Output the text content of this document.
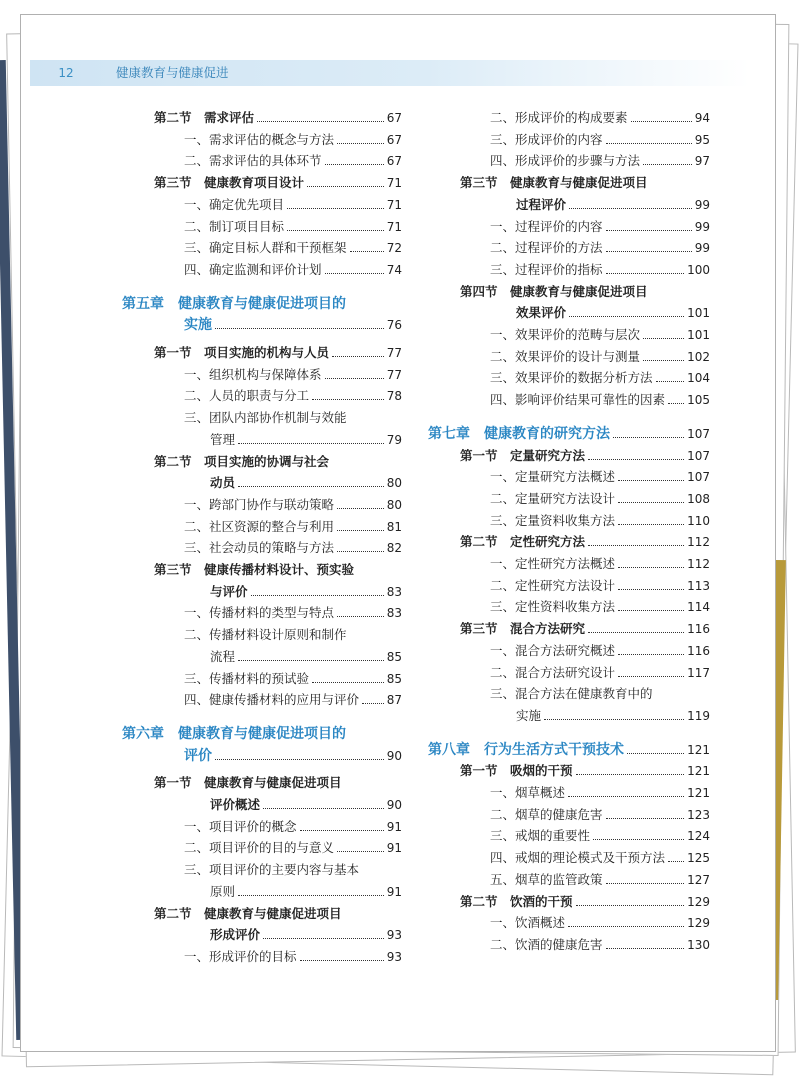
12	健康教育与健康促进
第二节　需求评估	67
一、需求评估的概念与方法	67
二、需求评估的具体环节	67
第三节　健康教育项目设计	71
一、确定优先项目	71
二、制订项目目标	71
三、确定目标人群和干预框架	72
四、确定监测和评价计划	74
第五章　健康教育与健康促进项目的
实施	76
第一节　项目实施的机构与人员	77
一、组织机构与保障体系	77
二、人员的职责与分工	78
三、团队内部协作机制与效能
管理	79
第二节　项目实施的协调与社会
动员	80
一、跨部门协作与联动策略	80
二、社区资源的整合与利用	81
三、社会动员的策略与方法	82
第三节　健康传播材料设计、预实验
与评价	83
一、传播材料的类型与特点	83
二、传播材料设计原则和制作
流程	85
三、传播材料的预试验	85
四、健康传播材料的应用与评价 87
第六章　健康教育与健康促进项目的
评价	90
第一节　健康教育与健康促进项目
评价概述	90
一、项目评价的概念	91
二、项目评价的目的与意义	91
三、项目评价的主要内容与基本
原则	91
第二节　健康教育与健康促进项目
形成评价	93
一、形成评价的目标	93
二、形成评价的构成要素	94
三、形成评价的内容	95
四、形成评价的步骤与方法	97
第三节　健康教育与健康促进项目
过程评价	99
一、过程评价的内容	99
二、过程评价的方法	99
三、过程评价的指标	100
第四节　健康教育与健康促进项目
效果评价	101
一、效果评价的范畴与层次	101
二、效果评价的设计与测量	102
三、效果评价的数据分析方法	104
四、影响评价结果可靠性的因素 105
第七章　健康教育的研究方法	107
第一节　定量研究方法	107
一、定量研究方法概述	107
二、定量研究方法设计	108
三、定量资料收集方法	110
第二节　定性研究方法	112
一、定性研究方法概述	112
二、定性研究方法设计	113
三、定性资料收集方法	114
第三节　混合方法研究	116
一、混合方法研究概述	116
二、混合方法研究设计	117
三、混合方法在健康教育中的
实施	119
第八章　行为生活方式干预技术	121
第一节　吸烟的干预	121
一、烟草概述	121
二、烟草的健康危害	123
三、戒烟的重要性	124
四、戒烟的理论模式及干预方法 125
五、烟草的监管政策	127
第二节　饮酒的干预	129
一、饮酒概述	129
二、饮酒的健康危害	130
